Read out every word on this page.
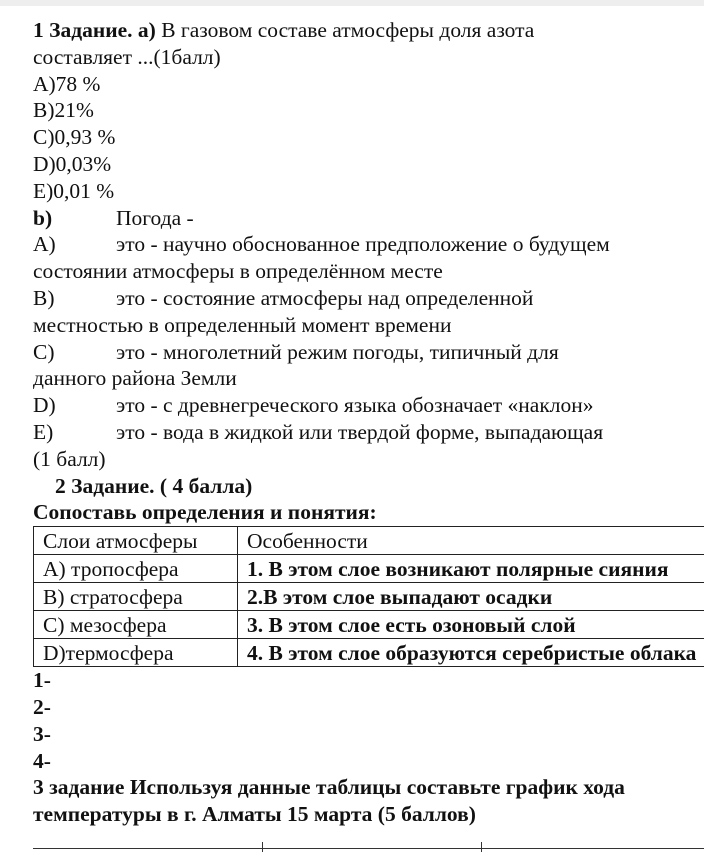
1 Задание. a) В газовом составе атмосферы доля азота
составляет ...(1балл)
A)78 %
B)21%
C)0,93 %
D)0,03%
E)0,01 %
b)	Погода -
A)	это - научно обоснованное предположение о будущем
состоянии атмосферы в определённом месте
B)	это - состояние атмосферы над определенной
местностью в определенный момент времени
C)	это - многолетний режим погоды, типичный для
данного района Земли
D)	это - с древнегреческого языка обозначает «наклон»
E)	это - вода в жидкой или твердой форме, выпадающая
(1 балл)
2 Задание. ( 4 балла)
Сопоставь определения и понятия:
Слои атмосферы	Особенности
A) тропосфера	1. В этом слое возникают полярные сияния
B) стратосфера	2.В этом слое выпадают осадки
C) мезосфера	3. В этом слое есть озоновый слой
D)термосфера	4. В этом слое образуются серебристые облака
1-
2-
3-
4-
3 задание Используя данные таблицы составьте график хода
температуры в г. Алматы 15 марта (5 баллов)
